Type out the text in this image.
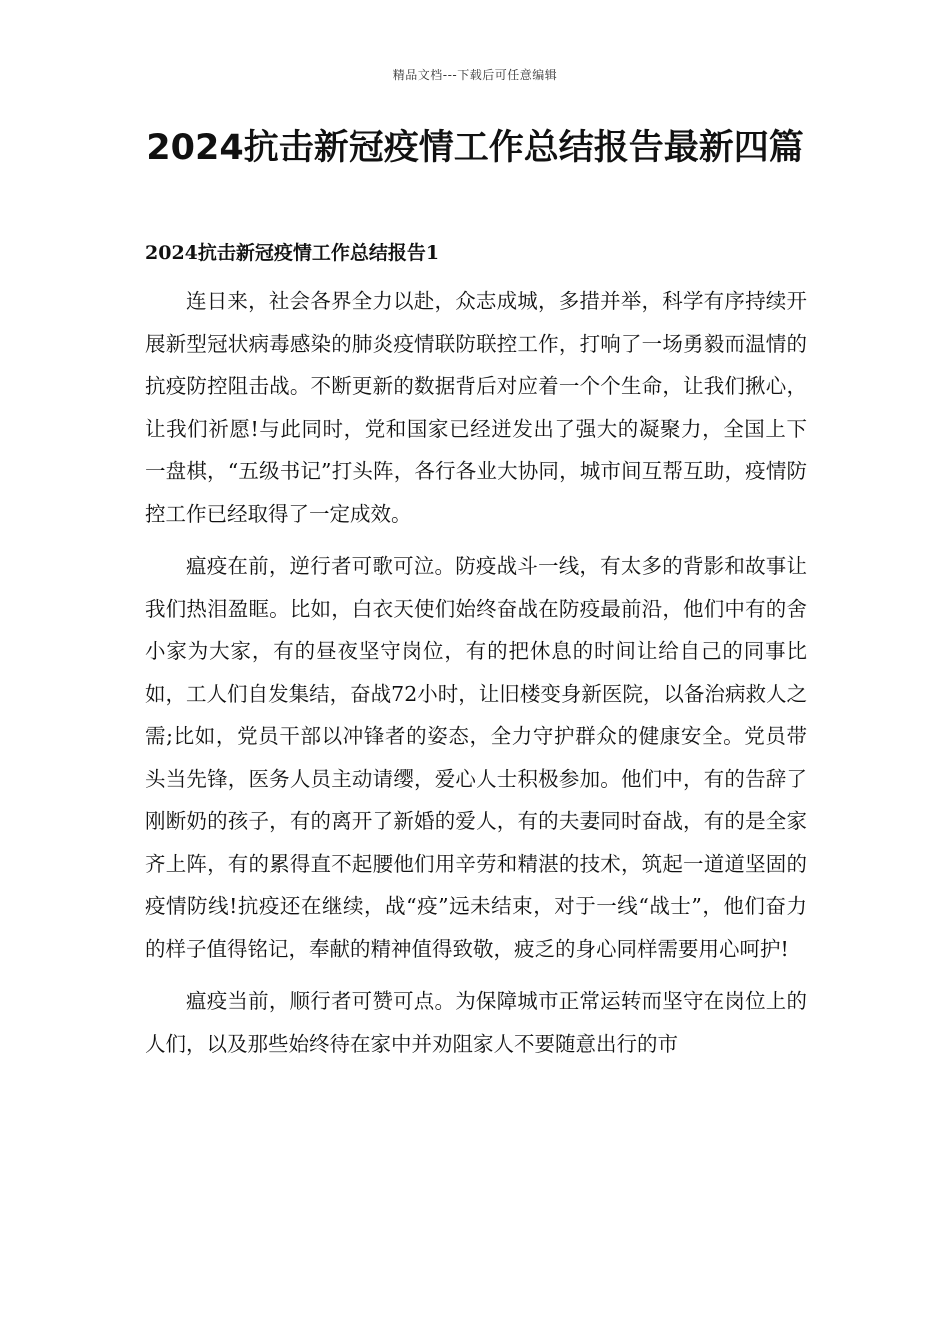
精品文档---下载后可任意编辑
2024抗击新冠疫情工作总结报告最新四篇
2024抗击新冠疫情工作总结报告1

连日来，社会各界全力以赴，众志成城，多措并举，科学有序持续开展新型冠状病毒感染的肺炎疫情联防联控工作，打响了一场勇毅而温情的抗疫防控阻击战。不断更新的数据背后对应着一个个生命，让我们揪心，让我们祈愿!与此同时，党和国家已经迸发出了强大的凝聚力，全国上下一盘棋，“五级书记”打头阵，各行各业大协同，城市间互帮互助，疫情防控工作已经取得了一定成效。

瘟疫在前，逆行者可歌可泣。防疫战斗一线，有太多的背影和故事让我们热泪盈眶。比如，白衣天使们始终奋战在防疫最前沿，他们中有的舍小家为大家，有的昼夜坚守岗位，有的把休息的时间让给自己的同事比如，工人们自发集结，奋战72小时，让旧楼变身新医院，以备治病救人之需;比如，党员干部以冲锋者的姿态，全力守护群众的健康安全。党员带头当先锋，医务人员主动请缨，爱心人士积极参加。他们中，有的告辞了刚断奶的孩子，有的离开了新婚的爱人，有的夫妻同时奋战，有的是全家齐上阵，有的累得直不起腰他们用辛劳和精湛的技术，筑起一道道坚固的疫情防线!抗疫还在继续，战“疫”远未结束，对于一线“战士”，他们奋力的样子值得铭记，奉献的精神值得致敬，疲乏的身心同样需要用心呵护!

瘟疫当前，顺行者可赞可点。为保障城市正常运转而坚守在岗位上的人们，以及那些始终待在家中并劝阻家人不要随意出行的市
